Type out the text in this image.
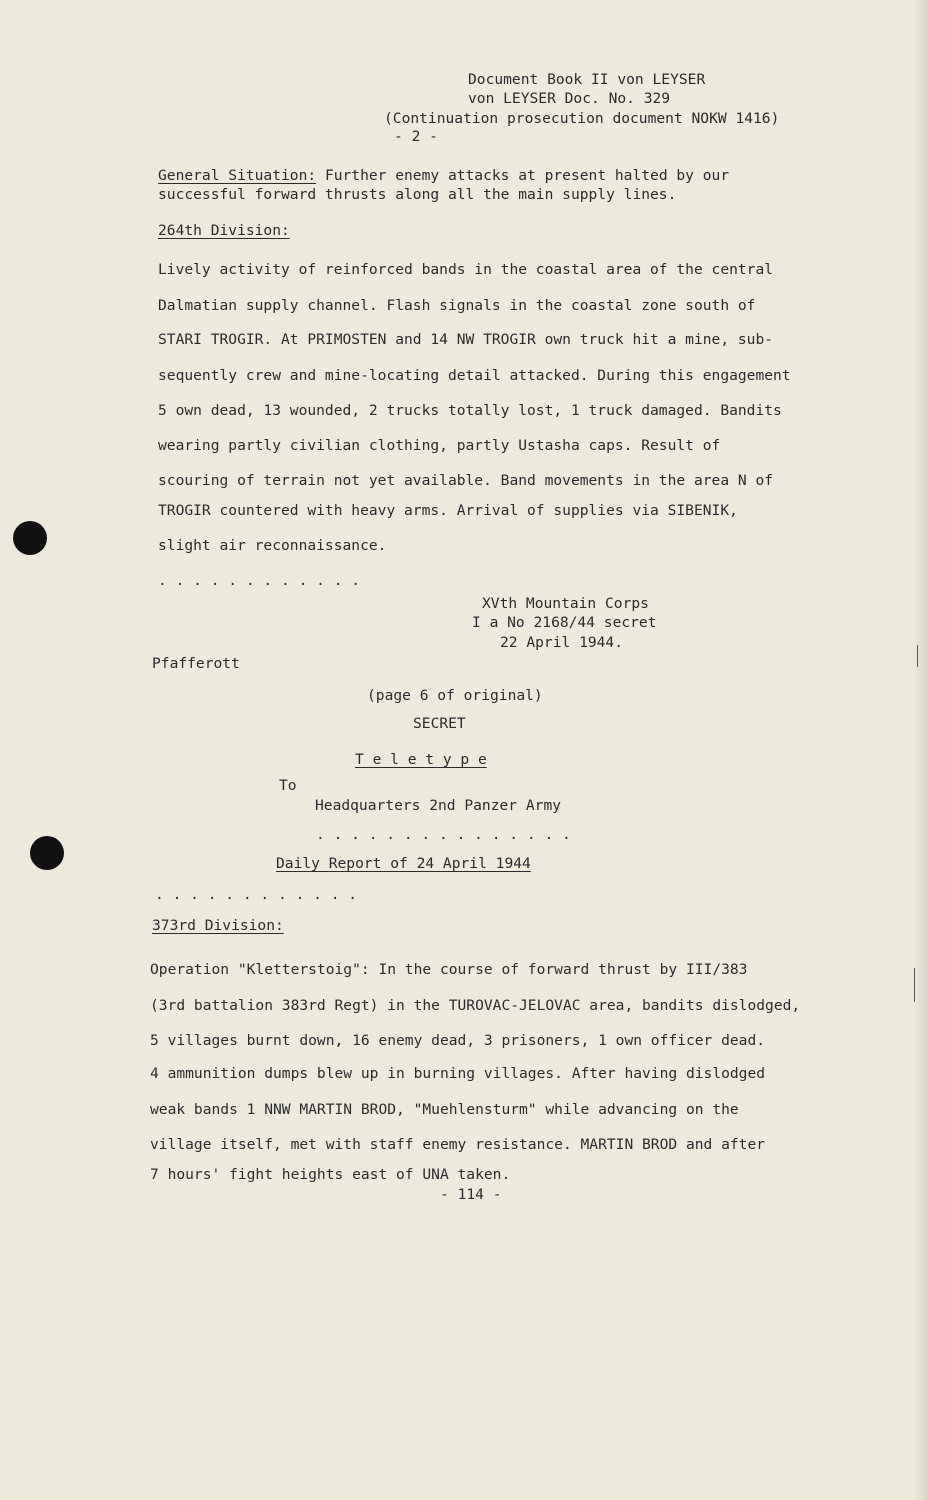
Document Book II von LEYSER
von LEYSER Doc. No. 329
(Continuation prosecution document NOKW 1416)
- 2 -
General Situation: Further enemy attacks at present halted by our
successful forward thrusts along all the main supply lines.
264th Division:
Lively activity of reinforced bands in the coastal area of the central
Dalmatian supply channel. Flash signals in the coastal zone south of
STARI TROGIR. At PRIMOSTEN and 14 NW TROGIR own truck hit a mine, sub-
sequently crew and mine-locating detail attacked. During this engagement
5 own dead, 13 wounded, 2 trucks totally lost, 1 truck damaged. Bandits
wearing partly civilian clothing, partly Ustasha caps. Result of
scouring of terrain not yet available. Band movements in the area N of
TROGIR countered with heavy arms. Arrival of supplies via SIBENIK,
slight air reconnaissance.
. . . . . . . . . . . .
XVth Mountain Corps
I a No 2168/44 secret
22 April 1944.
Pfafferott
(page 6 of original)
SECRET
T e l e t y p e
To
Headquarters 2nd Panzer Army
. . . . . . . . . . . . . . .
Daily Report of 24 April 1944
. . . . . . . . . . . .
373rd Division:
Operation "Kletterstoig": In the course of forward thrust by III/383
(3rd battalion 383rd Regt) in the TUROVAC-JELOVAC area, bandits dislodged,
5 villages burnt down, 16 enemy dead, 3 prisoners, 1 own officer dead.
4 ammunition dumps blew up in burning villages. After having dislodged
weak bands 1 NNW MARTIN BROD, "Muehlensturm" while advancing on the
village itself, met with staff enemy resistance. MARTIN BROD and after
7 hours' fight heights east of UNA taken.
- 114 -
